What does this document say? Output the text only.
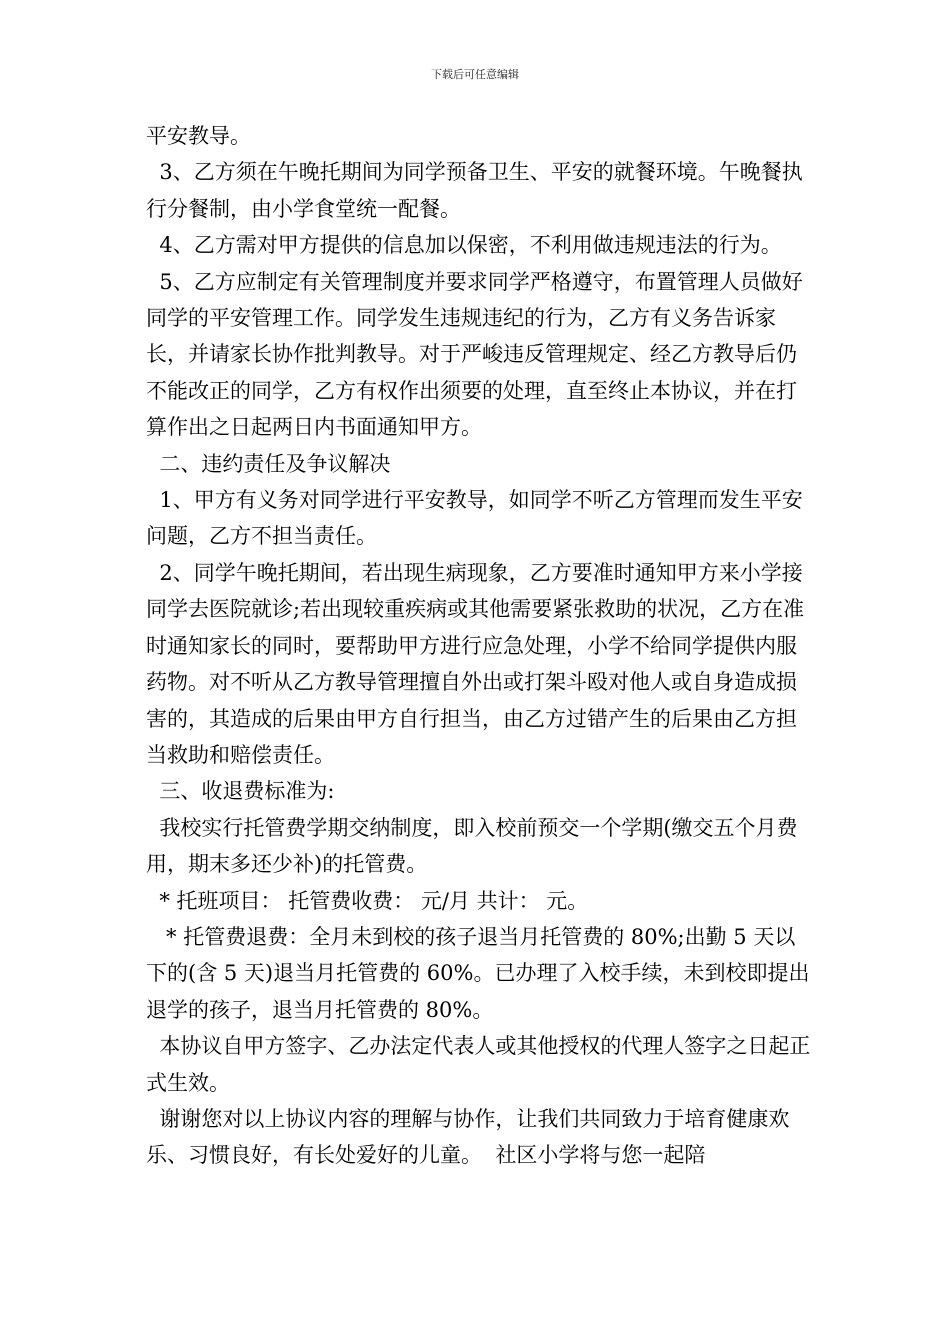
下载后可任意编辑

平安教导。

3、乙方须在午晚托期间为同学预备卫生、平安的就餐环境。午晚餐执行分餐制，由小学食堂统一配餐。

4、乙方需对甲方提供的信息加以保密，不利用做违规违法的行为。

5、乙方应制定有关管理制度并要求同学严格遵守，布置管理人员做好同学的平安管理工作。同学发生违规违纪的行为，乙方有义务告诉家长，并请家长协作批判教导。对于严峻违反管理规定、经乙方教导后仍不能改正的同学，乙方有权作出须要的处理，直至终止本协议，并在打算作出之日起两日内书面通知甲方。

二、违约责任及争议解决

1、甲方有义务对同学进行平安教导，如同学不听乙方管理而发生平安问题，乙方不担当责任。

2、同学午晚托期间，若出现生病现象，乙方要准时通知甲方来小学接同学去医院就诊;若出现较重疾病或其他需要紧张救助的状况，乙方在准时通知家长的同时，要帮助甲方进行应急处理，小学不给同学提供内服药物。对不听从乙方教导管理擅自外出或打架斗殴对他人或自身造成损害的，其造成的后果由甲方自行担当，由乙方过错产生的后果由乙方担当救助和赔偿责任。

三、收退费标准为:

我校实行托管费学期交纳制度，即入校前预交一个学期(缴交五个月费用，期末多还少补)的托管费。

* 托班项目： 托管费收费： 元/月 共计： 元。

* 托管费退费：全月未到校的孩子退当月托管费的 80%;出勤 5 天以下的(含 5 天)退当月托管费的 60%。已办理了入校手续，未到校即提出退学的孩子，退当月托管费的 80%。

本协议自甲方签字、乙办法定代表人或其他授权的代理人签字之日起正式生效。

谢谢您对以上协议内容的理解与协作，让我们共同致力于培育健康欢乐、习惯良好，有长处爱好的儿童。  社区小学将与您一起陪
